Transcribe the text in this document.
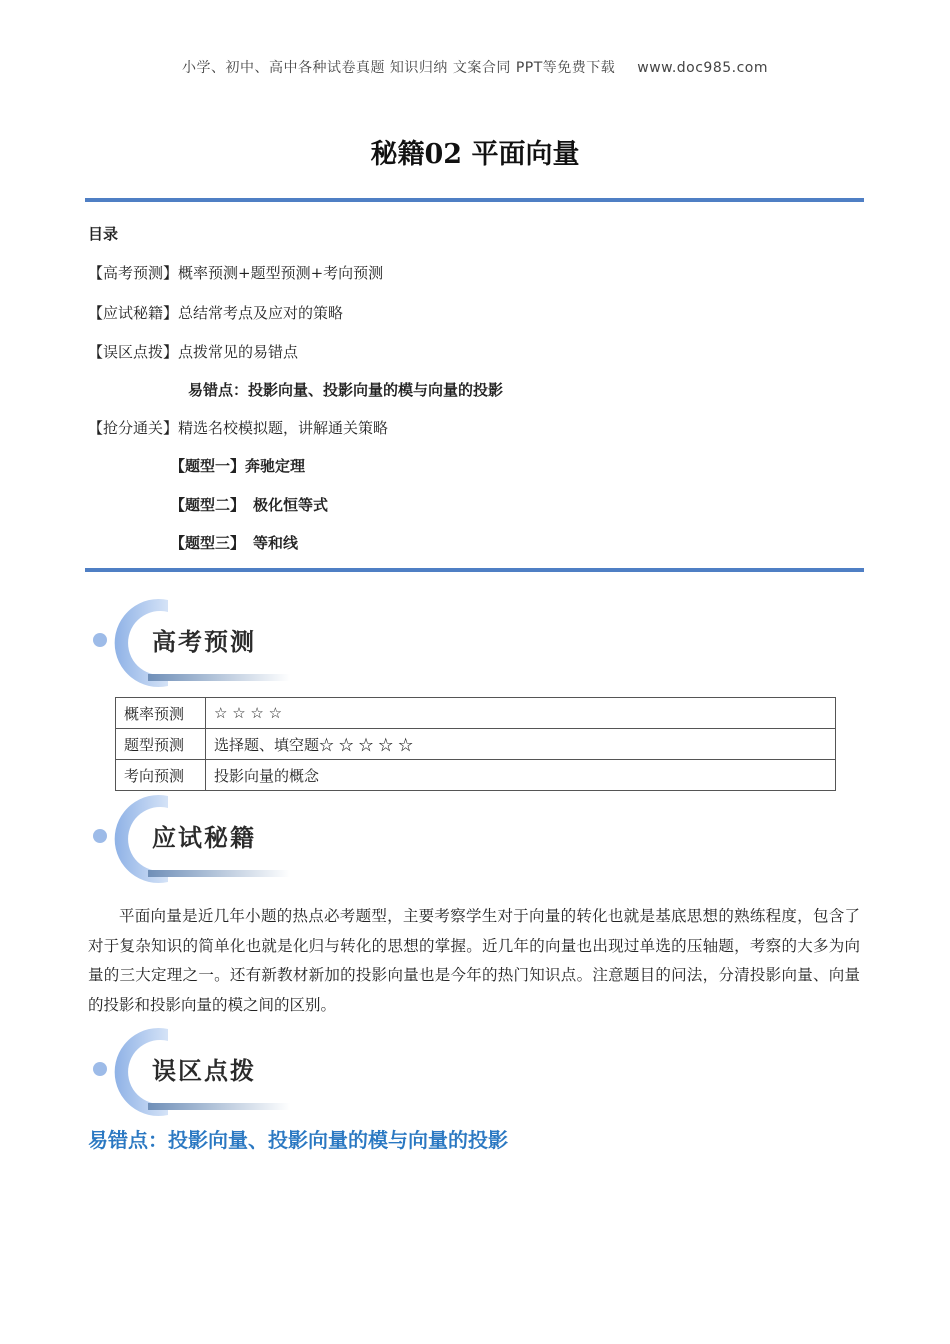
小学、初中、高中各种试卷真题 知识归纳 文案合同 PPT等免费下载 www.doc985.com
秘籍02 平面向量
目录
【高考预测】概率预测+题型预测+考向预测
【应试秘籍】总结常考点及应对的策略
【误区点拨】点拨常见的易错点
易错点：投影向量、投影向量的模与向量的投影
【抢分通关】精选名校模拟题，讲解通关策略
【题型一】奔驰定理
【题型二】 极化恒等式
【题型三】 等和线
高考预测
概率预测	☆ ☆ ☆ ☆
题型预测	选择题、填空题☆ ☆ ☆ ☆ ☆
考向预测	投影向量的概念
应试秘籍
平面向量是近几年小题的热点必考题型，主要考察学生对于向量的转化也就是基底思想的熟练程度，包含了对于复杂知识的简单化也就是化归与转化的思想的掌握。近几年的向量也出现过单选的压轴题，考察的大多为向量的三大定理之一。还有新教材新加的投影向量也是今年的热门知识点。注意题目的问法，分清投影向量、向量的投影和投影向量的模之间的区别。
误区点拨
易错点：投影向量、投影向量的模与向量的投影
